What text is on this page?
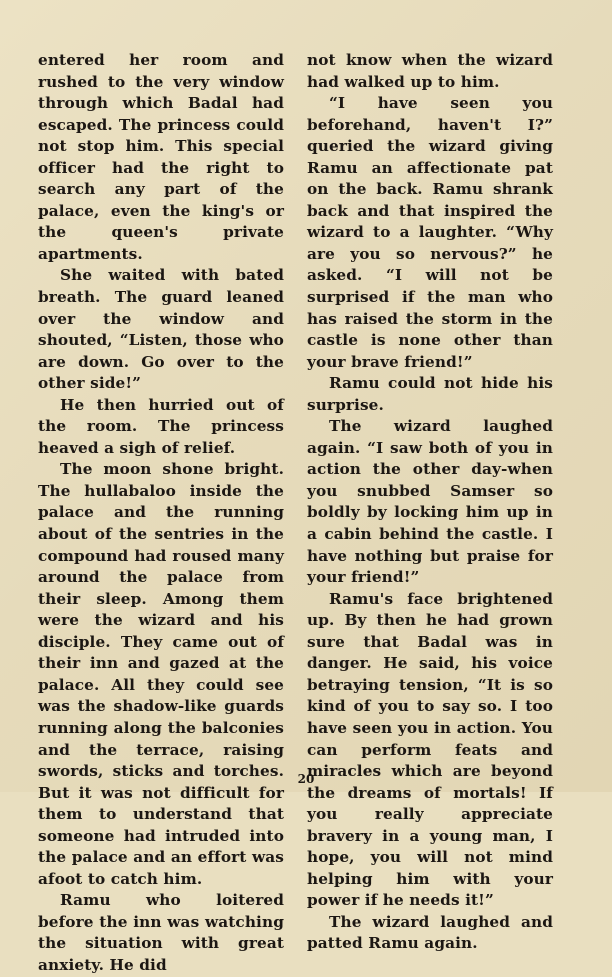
entered her room and rushed to the very window through which Badal had escaped. The princess could not stop him. This special officer had the right to search any part of the palace, even the king's or the queen's private apartments.

She waited with bated breath. The guard leaned over the window and shouted, “Listen, those who are down. Go over to the other side!”

He then hurried out of the room. The princess heaved a sigh of relief.

The moon shone bright. The hullabaloo inside the palace and the running about of the sentries in the compound had roused many around the palace from their sleep. Among them were the wizard and his disciple. They came out of their inn and gazed at the palace. All they could see was the shadow-like guards running along the balconies and the terrace, raising swords, sticks and torches. But it was not difficult for them to understand that someone had intruded into the palace and an effort was afoot to catch him.

Ramu who loitered before the inn was watching the situation with great anxiety. He did

not know when the wizard had walked up to him.

“I have seen you beforehand, haven't I?” queried the wizard giving Ramu an affectionate pat on the back. Ramu shrank back and that inspired the wizard to a laughter. “Why are you so nervous?” he asked. “I will not be surprised if the man who has raised the storm in the castle is none other than your brave friend!”

Ramu could not hide his surprise.

The wizard laughed again. “I saw both of you in action the other day-when you snubbed Samser so boldly by locking him up in a cabin behind the castle. I have nothing but praise for your friend!”

Ramu's face brightened up. By then he had grown sure that Badal was in danger. He said, his voice betraying tension, “It is so kind of you to say so. I too have seen you in action. You can perform feats and miracles which are beyond the dreams of mortals! If you really appreciate bravery in a young man, I hope, you will not mind helping him with your power if he needs it!”

The wizard laughed and patted Ramu again.

20
